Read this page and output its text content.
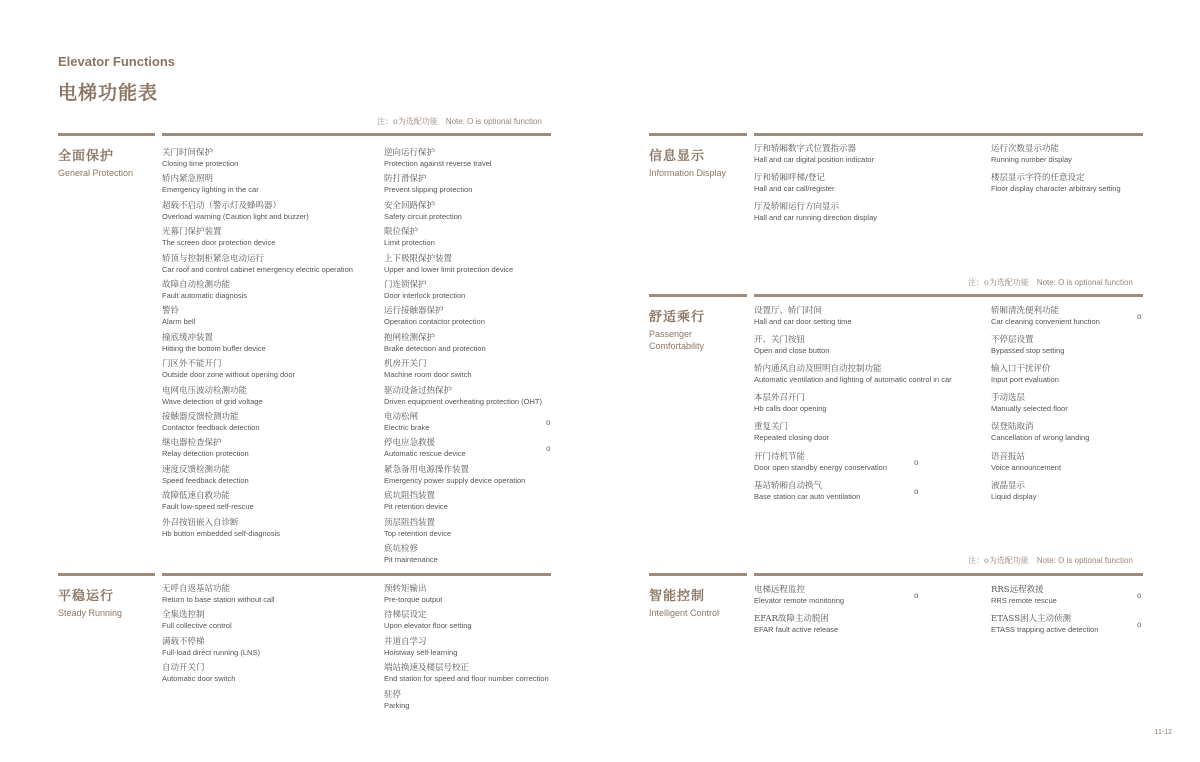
Elevator Functions
电梯功能表
注：o为选配功能 Note: O is optional function
全面保护
General Protection
关门时间保护
Closing time protection
轿内紧急照明
Emergency lighting in the car
超载不启动（警示灯及蜂鸣器）
Overload warning (Caution light and buzzer)
光幕门保护装置
The screen door protection device
轿顶与控制柜紧急电动运行
Car roof and control cabinet emergency electric operation
故障自动检测功能
Fault automatic diagnosis
警铃
Alarm bell
撞底缓冲装置
Hitting the bottom buffer device
门区外不能开门
Outside door zone without opening door
电网电压波动检测功能
Wave detection of grid voltage
接触器反馈检测功能
Contactor feedback detection
继电器检查保护
Relay detection protection
速度反馈检测功能
Speed feedback detection
故障低速自救功能
Fault low-speed self-rescue
外召按钮嵌入自诊断
Hb button embedded self-diagnosis
逆向运行保护
Protection against reverse travel
防打滑保护
Prevent slipping protection
安全回路保护
Safety circuit protection
限位保护
Limit protection
上下极限保护装置
Upper and lower limit protection device
门连锁保护
Door interlock protection
运行接触器保护
Operation contactor protection
抱闸检测保护
Brake detection and protection
机房开关门
Machine room door switch
驱动设备过热保护
Driven equipment overheating protection (OHT)
电动松闸
Electric brake
o
停电应急救援
Automatic rescue device
o
紧急备用电源操作装置
Emergency power supply device operation
底坑阻挡装置
Pit retention device
顶层阻挡装置
Top retention device
底坑检修
Pit maintenance
平稳运行
Steady Running
无呼自返基站功能
Return to base station without call
全集选控制
Full collective control
满载不停梯
Full-load direct running (LNS)
自动开关门
Automatic door switch
预转矩输出
Pre-torque output
待梯层设定
Upon elevator floor setting
井道自学习
Hoistway self-learning
端站换速及楼层号校正
End station for speed and floor number correction
驻停
Parking
信息显示
Information Display
厅和轿厢数字式位置指示器
Hall and car digital position indicator
厅和轿厢呼梯/登记
Hall and car call/register
厅及轿厢运行方向显示
Hall and car running direction display
运行次数显示功能
Running number display
楼层显示字符的任意设定
Floor display character arbitrary setting
注：o为选配功能 Note: O is optional function
舒适乘行
Passenger
Comfortability
设置厅、轿门时间
Hall and car door setting time
开、关门按钮
Open and close button
轿内通风自动及照明自动控制功能
Automatic ventilation and lighting of automatic control in car
本层外召开门
Hb calls door opening
重复关门
Repeated closing door
开门待机节能
Door open standby energy conservation
o
基站轿厢自动换气
Base station car auto ventilation
o
轿厢清洗便利功能
Car cleaning convenient function
o
不停层设置
Bypassed stop setting
输入口干扰评价
Input port evaluation
手动选层
Manually selected floor
误登陆取消
Cancellation of wrong landing
语音报站
Voice announcement
液晶显示
Liquid display
注：o为选配功能 Note: O is optional function
智能控制
Intelligent Control
电梯远程监控
Elevator remote monitoring
o
EFAR故障主动脱困
EFAR fault active release
RRS远程救援
RRS remote rescue
o
ETASS困人主动侦测
ETASS trapping active detection
o
11-12
